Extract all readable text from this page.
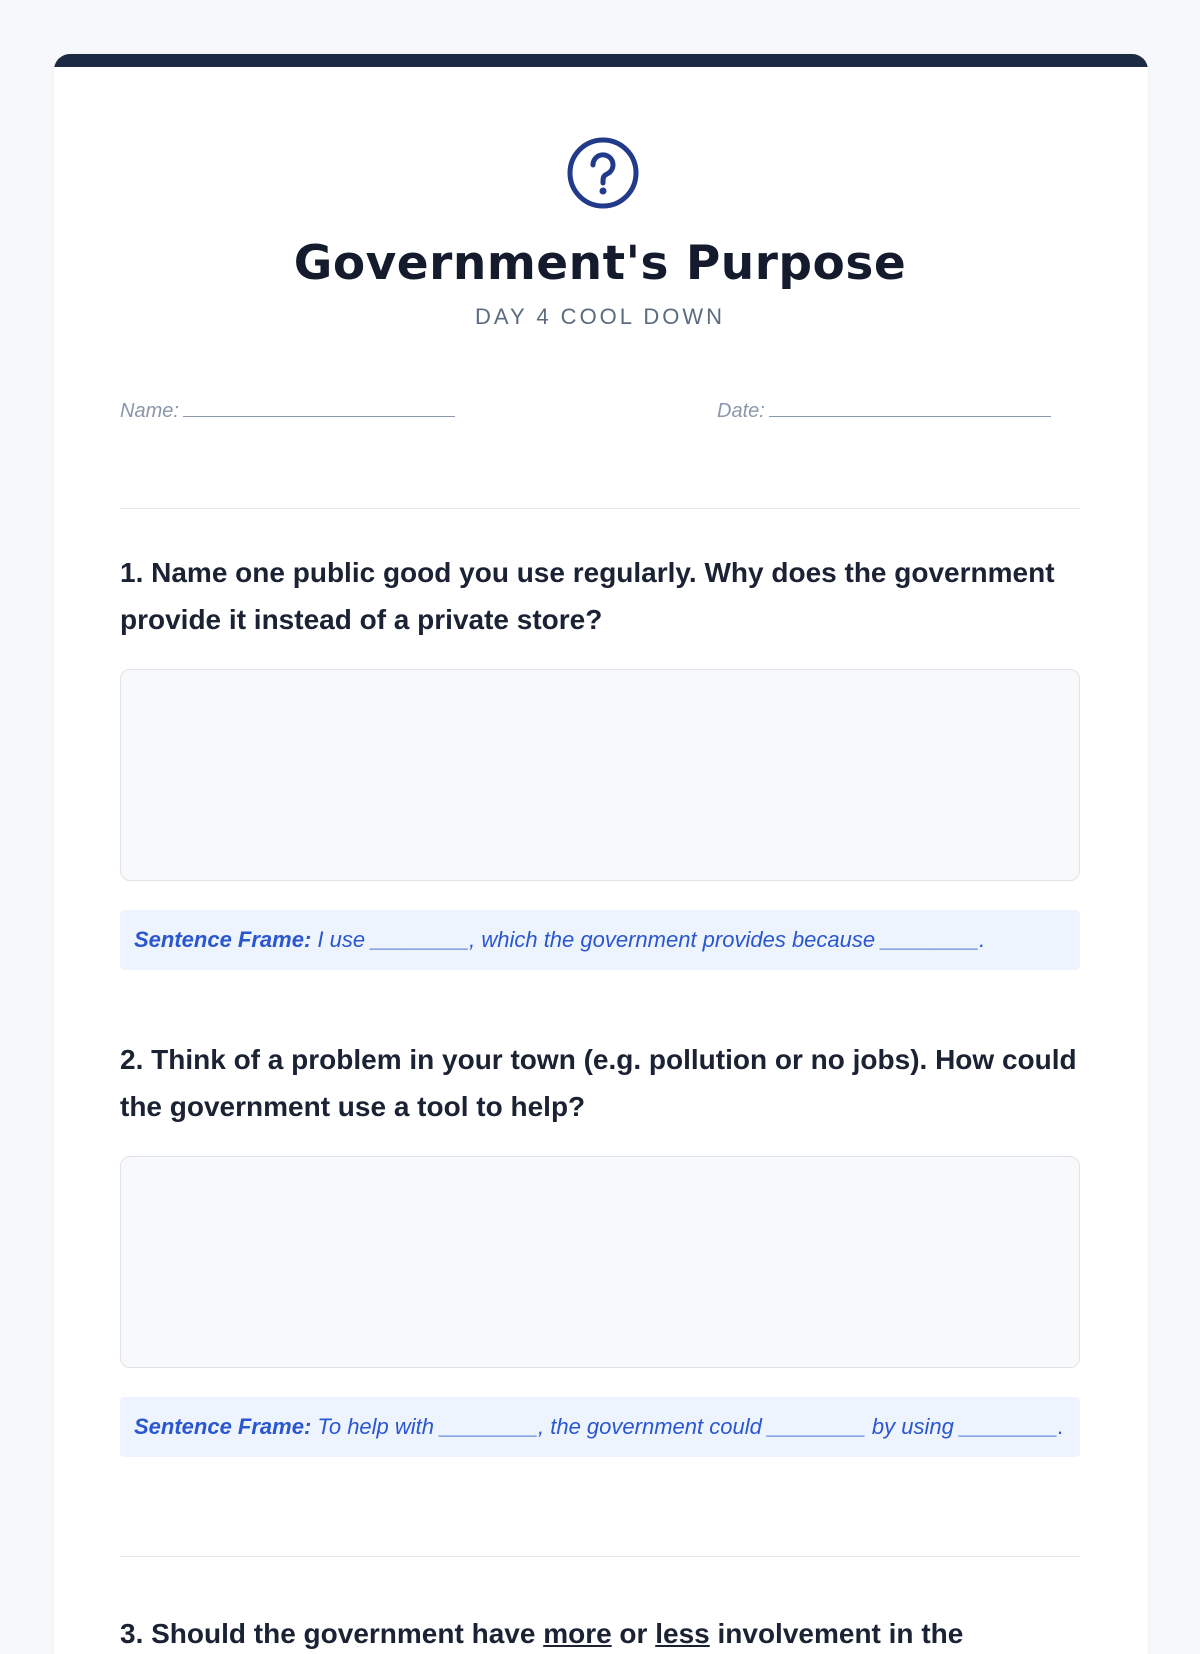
Government's Purpose
DAY 4 COOL DOWN
Name:	Date:

1. Name one public good you use regularly. Why does the government provide it instead of a private store?

Sentence Frame: I use ________, which the government provides because ________.

2. Think of a problem in your town (e.g. pollution or no jobs). How could the government use a tool to help?

Sentence Frame: To help with ________, the government could ________ by using ________.

3. Should the government have more or less involvement in the
